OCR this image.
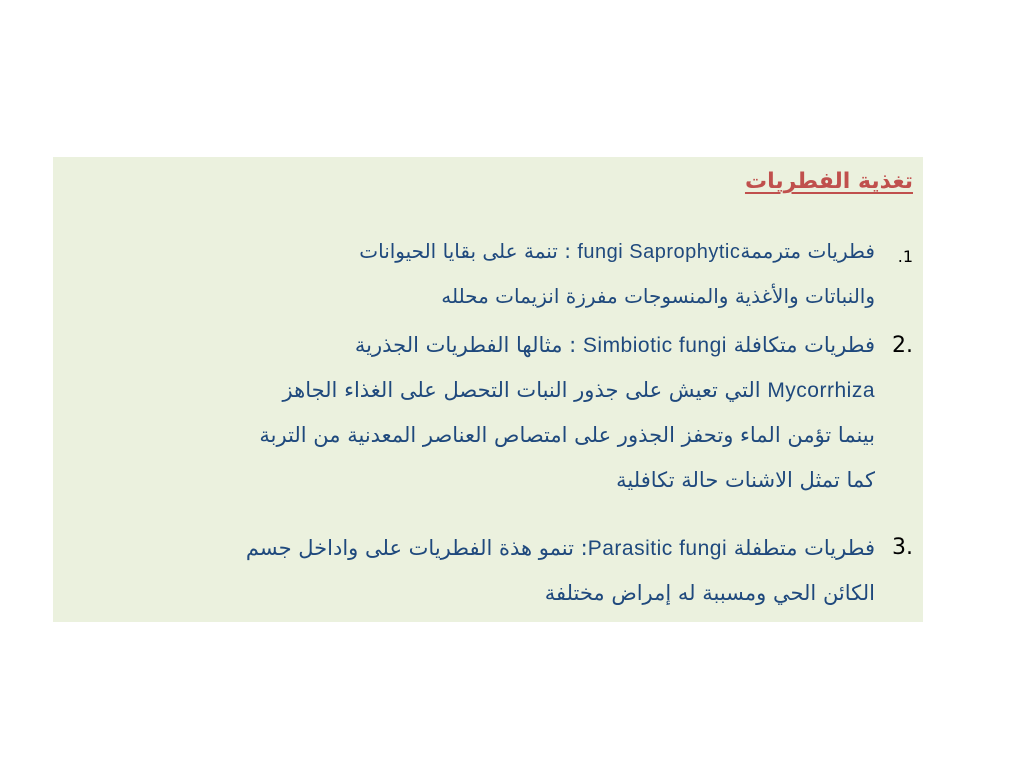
تغذية الفطريات
.1
فطريات مترممةfungi Saprophytic : تنمة على بقايا الحيوانات
والنباتات والأغذية والمنسوجات مفرزة انزيمات محلله
2.
فطريات متكافلة Simbiotic fungi : مثالها الفطريات الجذرية
Mycorrhiza التي تعيش على جذور النبات التحصل على الغذاء الجاهز
بينما تؤمن الماء وتحفز الجذور على امتصاص العناصر المعدنية من التربة
كما تمثل الاشنات حالة تكافلية
3.
فطريات متطفلة Parasitic fungi: تنمو هذة الفطريات على واداخل جسم
الكائن الحي ومسببة له إمراض مختلفة
